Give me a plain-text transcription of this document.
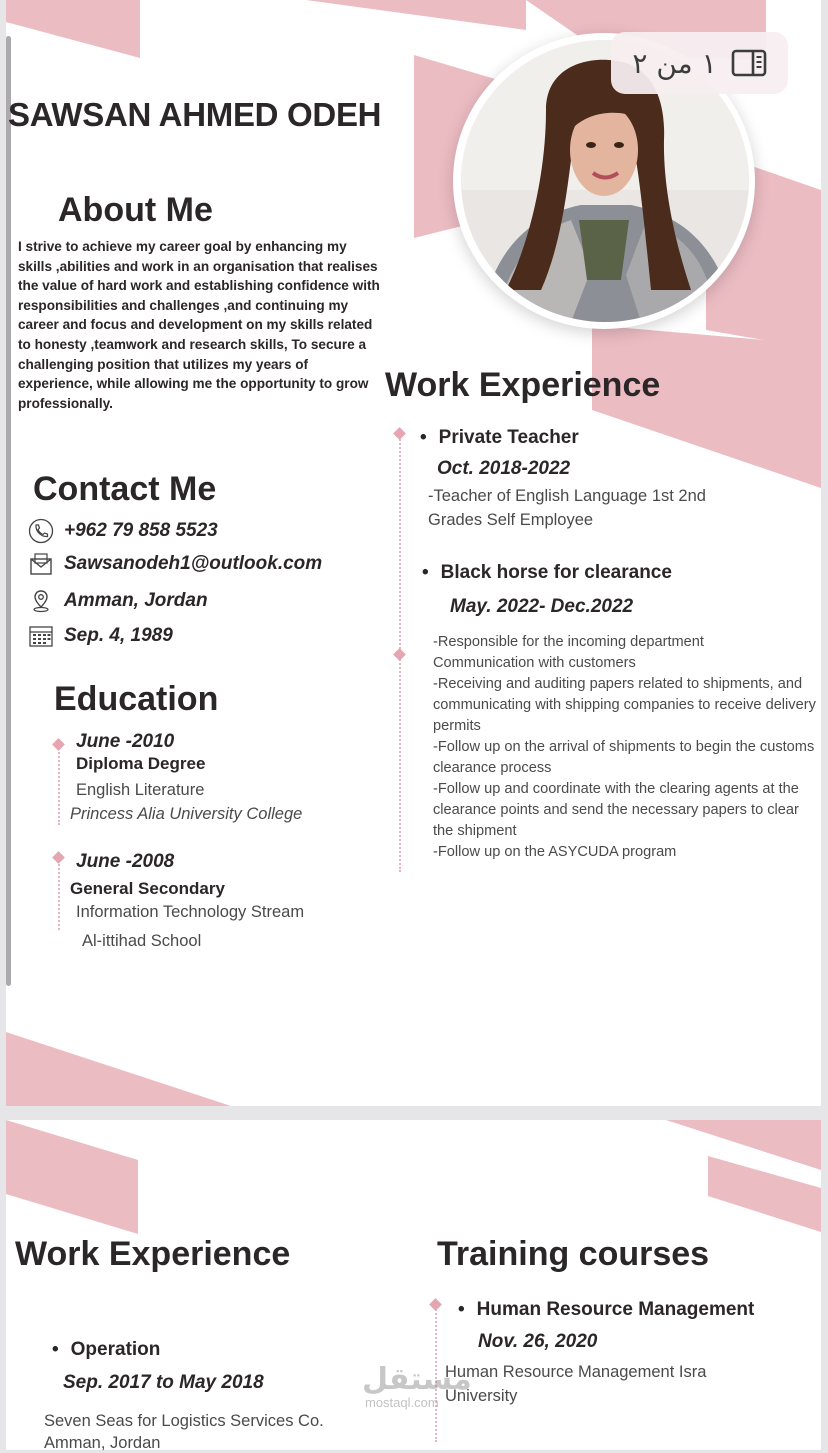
SAWSAN AHMED ODEH
١ من ٢
About Me
I strive to achieve my career goal by enhancing my skills ,abilities and work in an organisation that realises the value of hard work and establishing confidence with responsibilities and challenges ,and continuing my career and focus and development on my skills related to honesty ,teamwork and research skills, To secure a challenging position that utilizes my years of experience, while allowing me the opportunity to grow professionally.
Contact Me
+962 79 858 5523
Sawsanodeh1@outlook.com
Amman, Jordan
Sep. 4, 1989
Education
June -2010
Diploma Degree
English Literature
Princess Alia University College
June -2008
General Secondary
Information Technology Stream
Al-ittihad School
Work Experience
• Private Teacher
Oct. 2018-2022
-Teacher of English Language 1st 2nd
Grades Self Employee
• Black horse for clearance
May. 2022- Dec.2022
-Responsible for the incoming department
Communication with customers
-Receiving and auditing papers related to shipments, and communicating with shipping companies to receive delivery permits
-Follow up on the arrival of shipments to begin the customs clearance process
-Follow up and coordinate with the clearing agents at the clearance points and send the necessary papers to clear the shipment
-Follow up on the ASYCUDA program
Work Experience
• Operation
Sep. 2017 to May 2018
Seven Seas for Logistics Services Co.
Amman, Jordan
Training courses
• Human Resource Management
Nov. 26, 2020
Human Resource Management Isra University
مستقل
mostaql.com
